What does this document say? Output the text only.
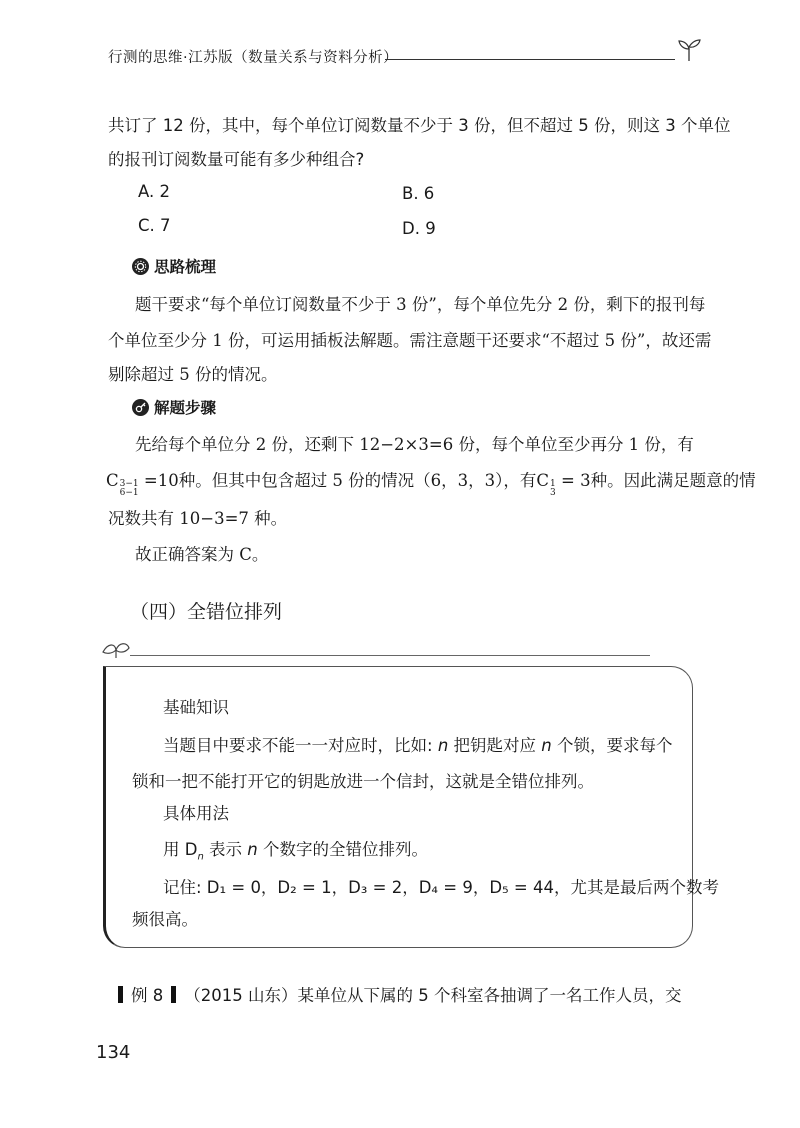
行测的思维·江苏版（数量关系与资料分析）
共订了 12 份，其中，每个单位订阅数量不少于 3 份，但不超过 5 份，则这 3 个单位
的报刊订阅数量可能有多少种组合?
A. 2	B. 6
C. 7	D. 9
思路梳理
题干要求“每个单位订阅数量不少于 3 份”，每个单位先分 2 份，剩下的报刊每
个单位至少分 1 份，可运用插板法解题。需注意题干还要求“不超过 5 份”，故还需
剔除超过 5 份的情况。
解题步骤
先给每个单位分 2 份，还剩下 12−2×3=6 份，每个单位至少再分 1 份，有
C 3−1
6−1
=10种。但其中包含超过 5 份的情况（6，3，3），有C 1
3
= 3种。因此满足题意的情
况数共有 10−3=7 种。
故正确答案为 C。
（四）全错位排列
基础知识
当题目中要求不能一一对应时，比如: n 把钥匙对应 n 个锁，要求每个
锁和一把不能打开它的钥匙放进一个信封，这就是全错位排列。
具体用法
用 $D_n$ 表示 n 个数字的全错位排列。
记住: D₁ = 0，D₂ = 1，D₃ = 2，D₄ = 9，D₅ = 44，尤其是最后两个数考
频很高。
例 8 （2015 山东）某单位从下属的 5 个科室各抽调了一名工作人员，交
134
